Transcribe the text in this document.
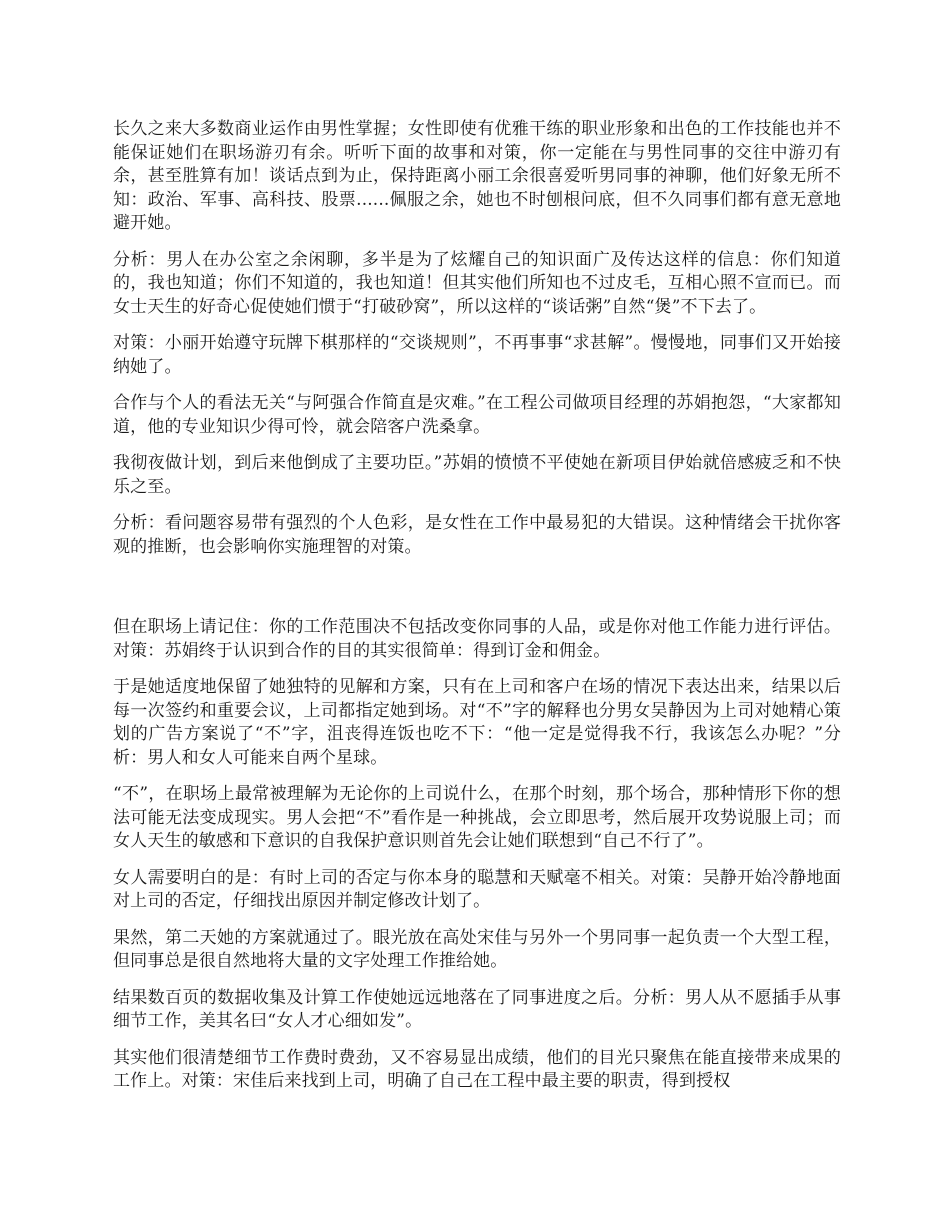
长久之来大多数商业运作由男性掌握；女性即使有优雅干练的职业形象和出色的工作技能也并不能保证她们在职场游刃有余。听听下面的故事和对策，你一定能在与男性同事的交往中游刃有余，甚至胜算有加！谈话点到为止，保持距离小丽工余很喜爱听男同事的神聊，他们好象无所不知：政治、军事、高科技、股票......佩服之余，她也不时刨根问底，但不久同事们都有意无意地避开她。

分析：男人在办公室之余闲聊，多半是为了炫耀自己的知识面广及传达这样的信息：你们知道的，我也知道；你们不知道的，我也知道！但其实他们所知也不过皮毛，互相心照不宣而已。而女士天生的好奇心促使她们惯于“打破砂窝”，所以这样的“谈话粥”自然“煲”不下去了。

对策：小丽开始遵守玩牌下棋那样的“交谈规则”，不再事事“求甚解”。慢慢地，同事们又开始接纳她了。

合作与个人的看法无关“与阿强合作简直是灾难。”在工程公司做项目经理的苏娟抱怨，“大家都知道，他的专业知识少得可怜，就会陪客户洗桑拿。

我彻夜做计划，到后来他倒成了主要功臣。”苏娟的愤愤不平使她在新项目伊始就倍感疲乏和不快乐之至。

分析：看问题容易带有强烈的个人色彩，是女性在工作中最易犯的大错误。这种情绪会干扰你客观的推断，也会影响你实施理智的对策。

但在职场上请记住：你的工作范围决不包括改变你同事的人品，或是你对他工作能力进行评估。对策：苏娟终于认识到合作的目的其实很简单：得到订金和佣金。

于是她适度地保留了她独特的见解和方案，只有在上司和客户在场的情况下表达出来，结果以后每一次签约和重要会议，上司都指定她到场。对“不”字的解释也分男女吴静因为上司对她精心策划的广告方案说了“不”字，沮丧得连饭也吃不下：“他一定是觉得我不行，我该怎么办呢？”分析：男人和女人可能来自两个星球。

“不”，在职场上最常被理解为无论你的上司说什么，在那个时刻，那个场合，那种情形下你的想法可能无法变成现实。男人会把“不”看作是一种挑战，会立即思考，然后展开攻势说服上司；而女人天生的敏感和下意识的自我保护意识则首先会让她们联想到“自己不行了”。

女人需要明白的是：有时上司的否定与你本身的聪慧和天赋毫不相关。对策：吴静开始冷静地面对上司的否定，仔细找出原因并制定修改计划了。

果然，第二天她的方案就通过了。眼光放在高处宋佳与另外一个男同事一起负责一个大型工程，但同事总是很自然地将大量的文字处理工作推给她。

结果数百页的数据收集及计算工作使她远远地落在了同事进度之后。分析：男人从不愿插手从事细节工作，美其名曰“女人才心细如发”。

其实他们很清楚细节工作费时费劲，又不容易显出成绩，他们的目光只聚焦在能直接带来成果的工作上。对策：宋佳后来找到上司，明确了自己在工程中最主要的职责，得到授权
